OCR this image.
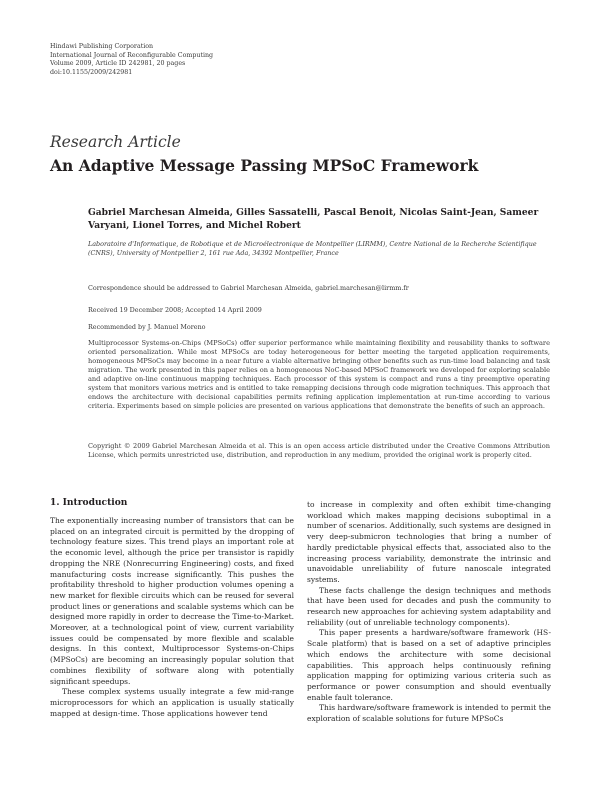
Hindawi Publishing Corporation
International Journal of Reconfigurable Computing
Volume 2009, Article ID 242981, 20 pages
doi:10.1155/2009/242981
Research Article
An Adaptive Message Passing MPSoC Framework
Gabriel Marchesan Almeida, Gilles Sassatelli, Pascal Benoit, Nicolas Saint-Jean, Sameer Varyani, Lionel Torres, and Michel Robert
Laboratoire d'Informatique, de Robotique et de Microélectronique de Montpellier (LIRMM), Centre National de la Recherche Scientifique (CNRS), University of Montpellier 2, 161 rue Ada, 34392 Montpellier, France
Correspondence should be addressed to Gabriel Marchesan Almeida, gabriel.marchesan@lirmm.fr
Received 19 December 2008; Accepted 14 April 2009
Recommended by J. Manuel Moreno
Multiprocessor Systems-on-Chips (MPSoCs) offer superior performance while maintaining flexibility and reusability thanks to software oriented personalization. While most MPSoCs are today heterogeneous for better meeting the targeted application requirements, homogeneous MPSoCs may become in a near future a viable alternative bringing other benefits such as run-time load balancing and task migration. The work presented in this paper relies on a homogeneous NoC-based MPSoC framework we developed for exploring scalable and adaptive on-line continuous mapping techniques. Each processor of this system is compact and runs a tiny preemptive operating system that monitors various metrics and is entitled to take remapping decisions through code migration techniques. This approach that endows the architecture with decisional capabilities permits refining application implementation at run-time according to various criteria. Experiments based on simple policies are presented on various applications that demonstrate the benefits of such an approach.
Copyright © 2009 Gabriel Marchesan Almeida et al. This is an open access article distributed under the Creative Commons Attribution License, which permits unrestricted use, distribution, and reproduction in any medium, provided the original work is properly cited.
1. Introduction

The exponentially increasing number of transistors that can be placed on an integrated circuit is permitted by the dropping of technology feature sizes. This trend plays an important role at the economic level, although the price per transistor is rapidly dropping the NRE (Nonrecurring Engineering) costs, and fixed manufacturing costs increase significantly. This pushes the profitability threshold to higher production volumes opening a new market for flexible circuits which can be reused for several product lines or generations and scalable systems which can be designed more rapidly in order to decrease the Time-to-Market. Moreover, at a technological point of view, current variability issues could be compensated by more flexible and scalable designs. In this context, Multiprocessor Systems-on-Chips (MPSoCs) are becoming an increasingly popular solution that combines flexibility of software along with potentially significant speedups.

These complex systems usually integrate a few mid-range microprocessors for which an application is usually statically mapped at design-time. Those applications however tend

to increase in complexity and often exhibit time-changing workload which makes mapping decisions suboptimal in a number of scenarios. Additionally, such systems are designed in very deep-submicron technologies that bring a number of hardly predictable physical effects that, associated also to the increasing process variability, demonstrate the intrinsic and unavoidable unreliability of future nanoscale integrated systems.

These facts challenge the design techniques and methods that have been used for decades and push the community to research new approaches for achieving system adaptability and reliability (out of unreliable technology components).

This paper presents a hardware/software framework (HS-Scale platform) that is based on a set of adaptive principles which endows the architecture with some decisional capabilities. This approach helps continuously refining application mapping for optimizing various criteria such as performance or power consumption and should eventually enable fault tolerance.

This hardware/software framework is intended to permit the exploration of scalable solutions for future MPSoCs
